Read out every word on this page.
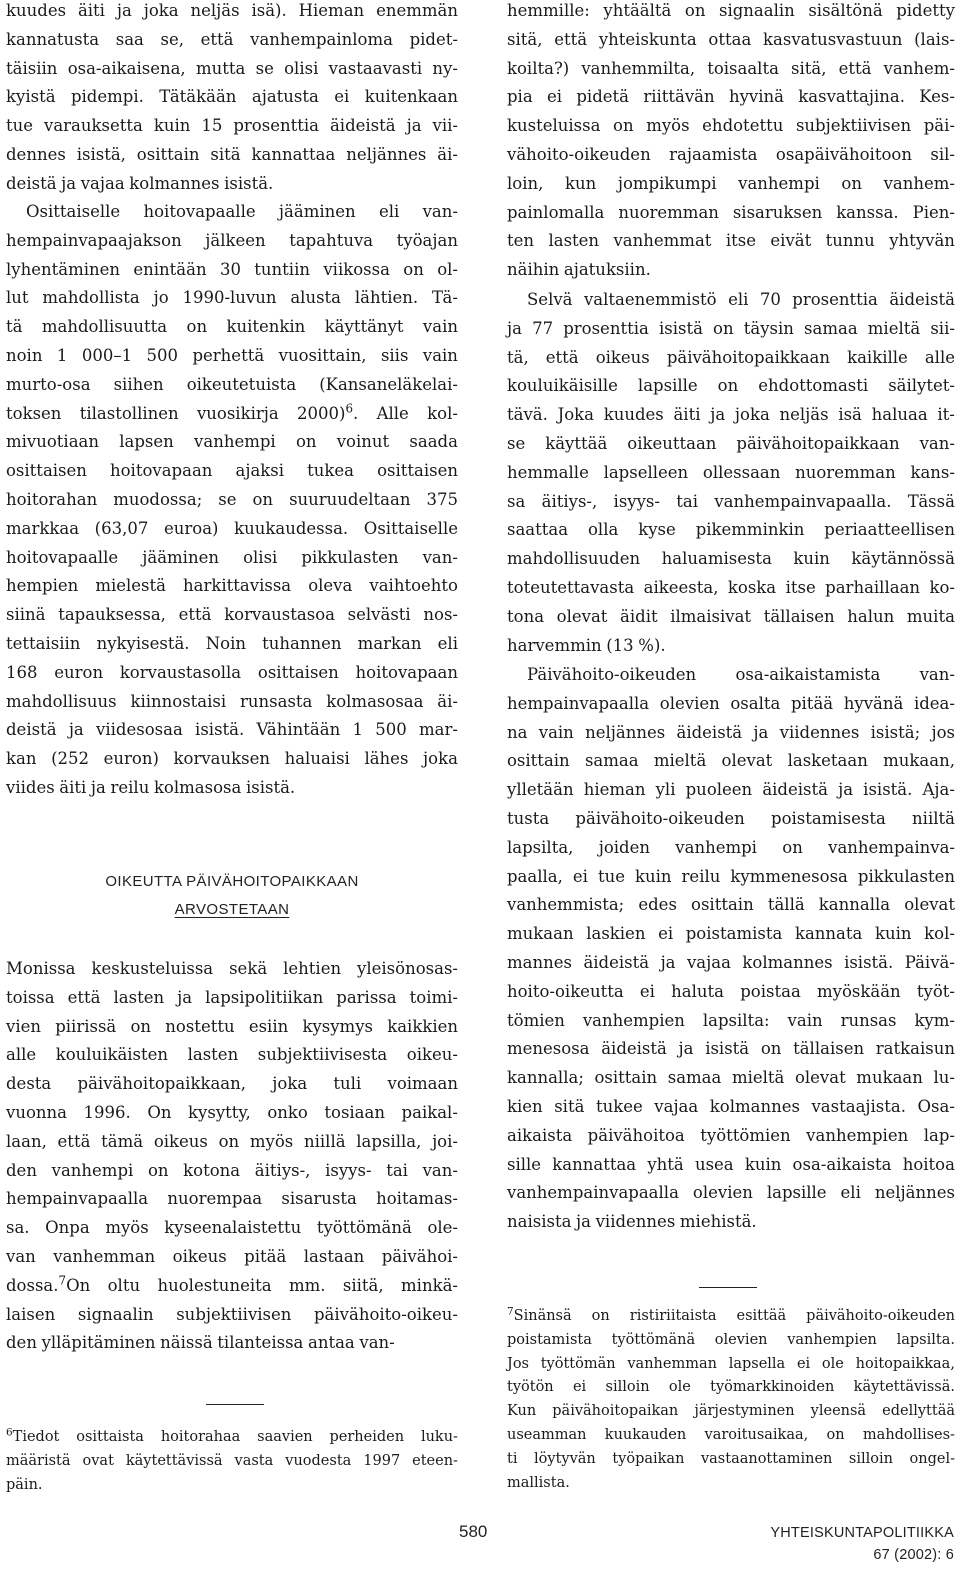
kuudes äiti ja joka neljäs isä). Hieman enemmän
kannatusta saa se, että vanhempainloma pidet-
täisiin osa-aikaisena, mutta se olisi vastaavasti ny-
kyistä pidempi. Tätäkään ajatusta ei kuitenkaan
tue varauksetta kuin 15 prosenttia äideistä ja vii-
dennes isistä, osittain sitä kannattaa neljännes äi-
deistä ja vajaa kolmannes isistä.
Osittaiselle hoitovapaalle jääminen eli van-
hempainvapaajakson jälkeen tapahtuva työajan
lyhentäminen enintään 30 tuntiin viikossa on ol-
lut mahdollista jo 1990-luvun alusta lähtien. Tä-
tä mahdollisuutta on kuitenkin käyttänyt vain
noin 1 000–1 500 perhettä vuosittain, siis vain
murto-osa siihen oikeutetuista (Kansaneläkelai-
toksen tilastollinen vuosikirja 2000)$^6$. Alle kol-
mivuotiaan lapsen vanhempi on voinut saada
osittaisen hoitovapaan ajaksi tukea osittaisen
hoitorahan muodossa; se on suuruudeltaan 375
markkaa (63,07 euroa) kuukaudessa. Osittaiselle
hoitovapaalle jääminen olisi pikkulasten van-
hempien mielestä harkittavissa oleva vaihtoehto
siinä tapauksessa, että korvaustasoa selvästi nos-
tettaisiin nykyisestä. Noin tuhannen markan eli
168 euron korvaustasolla osittaisen hoitovapaan
mahdollisuus kiinnostaisi runsasta kolmasosaa äi-
deistä ja viidesosaa isistä. Vähintään 1 500 mar-
kan (252 euron) korvauksen haluaisi lähes joka
viides äiti ja reilu kolmasosa isistä.
OIKEUTTA PÄIVÄHOITOPAIKKAAN
ARVOSTETAAN
Monissa keskusteluissa sekä lehtien yleisönosas-
toissa että lasten ja lapsipolitiikan parissa toimi-
vien piirissä on nostettu esiin kysymys kaikkien
alle kouluikäisten lasten subjektiivisesta oikeu-
desta päivähoitopaikkaan, joka tuli voimaan
vuonna 1996. On kysytty, onko tosiaan paikal-
laan, että tämä oikeus on myös niillä lapsilla, joi-
den vanhempi on kotona äitiys-, isyys- tai van-
hempainvapaalla nuorempaa sisarusta hoitamas-
sa. Onpa myös kyseenalaistettu työttömänä ole-
van vanhemman oikeus pitää lastaan päivähoi-
dossa.$^7$On oltu huolestuneita mm. siitä, minkä-
laisen signaalin subjektiivisen päivähoito-oikeu-
den ylläpitäminen näissä tilanteissa antaa van-
$^6$Tiedot osittaista hoitorahaa saavien perheiden luku-
määristä ovat käytettävissä vasta vuodesta 1997 eteen-
päin.
hemmille: yhtäältä on signaalin sisältönä pidetty
sitä, että yhteiskunta ottaa kasvatusvastuun (lais-
koilta?) vanhemmilta, toisaalta sitä, että vanhem-
pia ei pidetä riittävän hyvinä kasvattajina. Kes-
kusteluissa on myös ehdotettu subjektiivisen päi-
vähoito-oikeuden rajaamista osapäivähoitoon sil-
loin, kun jompikumpi vanhempi on vanhem-
painlomalla nuoremman sisaruksen kanssa. Pien-
ten lasten vanhemmat itse eivät tunnu yhtyvän
näihin ajatuksiin.
Selvä valtaenemmistö eli 70 prosenttia äideistä
ja 77 prosenttia isistä on täysin samaa mieltä sii-
tä, että oikeus päivähoitopaikkaan kaikille alle
kouluikäisille lapsille on ehdottomasti säilytet-
tävä. Joka kuudes äiti ja joka neljäs isä haluaa it-
se käyttää oikeuttaan päivähoitopaikkaan van-
hemmalle lapselleen ollessaan nuoremman kans-
sa äitiys-, isyys- tai vanhempainvapaalla. Tässä
saattaa olla kyse pikemminkin periaatteellisen
mahdollisuuden haluamisesta kuin käytännössä
toteutettavasta aikeesta, koska itse parhaillaan ko-
tona olevat äidit ilmaisivat tällaisen halun muita
harvemmin (13 %).
Päivähoito-oikeuden osa-aikaistamista van-
hempainvapaalla olevien osalta pitää hyvänä idea-
na vain neljännes äideistä ja viidennes isistä; jos
osittain samaa mieltä olevat lasketaan mukaan,
ylletään hieman yli puoleen äideistä ja isistä. Aja-
tusta päivähoito-oikeuden poistamisesta niiltä
lapsilta, joiden vanhempi on vanhempainva-
paalla, ei tue kuin reilu kymmenesosa pikkulasten
vanhemmista; edes osittain tällä kannalla olevat
mukaan laskien ei poistamista kannata kuin kol-
mannes äideistä ja vajaa kolmannes isistä. Päivä-
hoito-oikeutta ei haluta poistaa myöskään työt-
tömien vanhempien lapsilta: vain runsas kym-
menesosa äideistä ja isistä on tällaisen ratkaisun
kannalla; osittain samaa mieltä olevat mukaan lu-
kien sitä tukee vajaa kolmannes vastaajista. Osa-
aikaista päivähoitoa työttömien vanhempien lap-
sille kannattaa yhtä usea kuin osa-aikaista hoitoa
vanhempainvapaalla olevien lapsille eli neljännes
naisista ja viidennes miehistä.
$^7$Sinänsä on ristiriitaista esittää päivähoito-oikeuden
poistamista työttömänä olevien vanhempien lapsilta.
Jos työttömän vanhemman lapsella ei ole hoitopaikkaa,
työtön ei silloin ole työmarkkinoiden käytettävissä.
Kun päivähoitopaikan järjestyminen yleensä edellyttää
useamman kuukauden varoitusaikaa, on mahdollises-
ti löytyvän työpaikan vastaanottaminen silloin ongel-
mallista.
580	YHTEISKUNTAPOLITIIKKA
67 (2002): 6
